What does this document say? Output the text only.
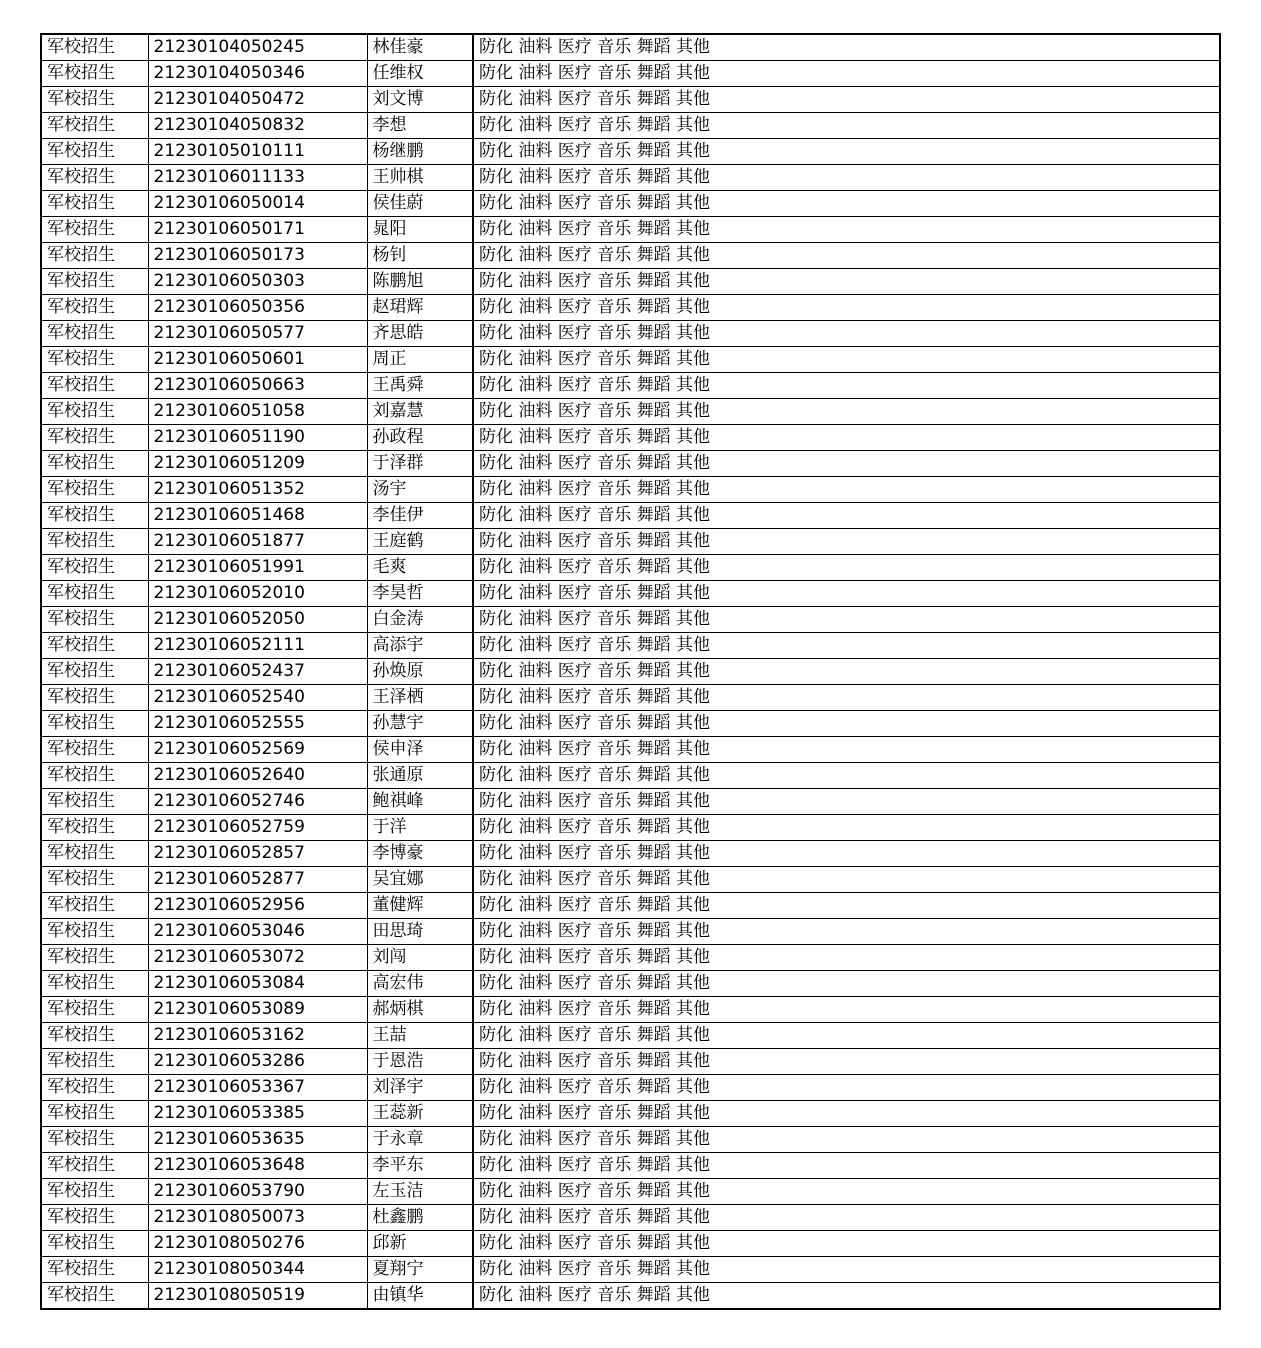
军校招生	21230104050245	林佳豪	防化 油料 医疗 音乐 舞蹈 其他
军校招生	21230104050346	任维权	防化 油料 医疗 音乐 舞蹈 其他
军校招生	21230104050472	刘文博	防化 油料 医疗 音乐 舞蹈 其他
军校招生	21230104050832	李想	防化 油料 医疗 音乐 舞蹈 其他
军校招生	21230105010111	杨继鹏	防化 油料 医疗 音乐 舞蹈 其他
军校招生	21230106011133	王帅棋	防化 油料 医疗 音乐 舞蹈 其他
军校招生	21230106050014	侯佳蔚	防化 油料 医疗 音乐 舞蹈 其他
军校招生	21230106050171	晁阳	防化 油料 医疗 音乐 舞蹈 其他
军校招生	21230106050173	杨钊	防化 油料 医疗 音乐 舞蹈 其他
军校招生	21230106050303	陈鹏旭	防化 油料 医疗 音乐 舞蹈 其他
军校招生	21230106050356	赵珺辉	防化 油料 医疗 音乐 舞蹈 其他
军校招生	21230106050577	齐思皓	防化 油料 医疗 音乐 舞蹈 其他
军校招生	21230106050601	周正	防化 油料 医疗 音乐 舞蹈 其他
军校招生	21230106050663	王禹舜	防化 油料 医疗 音乐 舞蹈 其他
军校招生	21230106051058	刘嘉慧	防化 油料 医疗 音乐 舞蹈 其他
军校招生	21230106051190	孙政程	防化 油料 医疗 音乐 舞蹈 其他
军校招生	21230106051209	于泽群	防化 油料 医疗 音乐 舞蹈 其他
军校招生	21230106051352	汤宇	防化 油料 医疗 音乐 舞蹈 其他
军校招生	21230106051468	李佳伊	防化 油料 医疗 音乐 舞蹈 其他
军校招生	21230106051877	王庭鹤	防化 油料 医疗 音乐 舞蹈 其他
军校招生	21230106051991	毛爽	防化 油料 医疗 音乐 舞蹈 其他
军校招生	21230106052010	李昊哲	防化 油料 医疗 音乐 舞蹈 其他
军校招生	21230106052050	白金涛	防化 油料 医疗 音乐 舞蹈 其他
军校招生	21230106052111	高添宇	防化 油料 医疗 音乐 舞蹈 其他
军校招生	21230106052437	孙焕原	防化 油料 医疗 音乐 舞蹈 其他
军校招生	21230106052540	王泽栖	防化 油料 医疗 音乐 舞蹈 其他
军校招生	21230106052555	孙慧宇	防化 油料 医疗 音乐 舞蹈 其他
军校招生	21230106052569	侯申泽	防化 油料 医疗 音乐 舞蹈 其他
军校招生	21230106052640	张通原	防化 油料 医疗 音乐 舞蹈 其他
军校招生	21230106052746	鲍祺峰	防化 油料 医疗 音乐 舞蹈 其他
军校招生	21230106052759	于洋	防化 油料 医疗 音乐 舞蹈 其他
军校招生	21230106052857	李博豪	防化 油料 医疗 音乐 舞蹈 其他
军校招生	21230106052877	吴宜娜	防化 油料 医疗 音乐 舞蹈 其他
军校招生	21230106052956	董健辉	防化 油料 医疗 音乐 舞蹈 其他
军校招生	21230106053046	田思琦	防化 油料 医疗 音乐 舞蹈 其他
军校招生	21230106053072	刘闯	防化 油料 医疗 音乐 舞蹈 其他
军校招生	21230106053084	高宏伟	防化 油料 医疗 音乐 舞蹈 其他
军校招生	21230106053089	郝炳棋	防化 油料 医疗 音乐 舞蹈 其他
军校招生	21230106053162	王喆	防化 油料 医疗 音乐 舞蹈 其他
军校招生	21230106053286	于恩浩	防化 油料 医疗 音乐 舞蹈 其他
军校招生	21230106053367	刘泽宇	防化 油料 医疗 音乐 舞蹈 其他
军校招生	21230106053385	王蕊新	防化 油料 医疗 音乐 舞蹈 其他
军校招生	21230106053635	于永章	防化 油料 医疗 音乐 舞蹈 其他
军校招生	21230106053648	李平东	防化 油料 医疗 音乐 舞蹈 其他
军校招生	21230106053790	左玉洁	防化 油料 医疗 音乐 舞蹈 其他
军校招生	21230108050073	杜鑫鹏	防化 油料 医疗 音乐 舞蹈 其他
军校招生	21230108050276	邱新	防化 油料 医疗 音乐 舞蹈 其他
军校招生	21230108050344	夏翔宁	防化 油料 医疗 音乐 舞蹈 其他
军校招生	21230108050519	由镇华	防化 油料 医疗 音乐 舞蹈 其他
